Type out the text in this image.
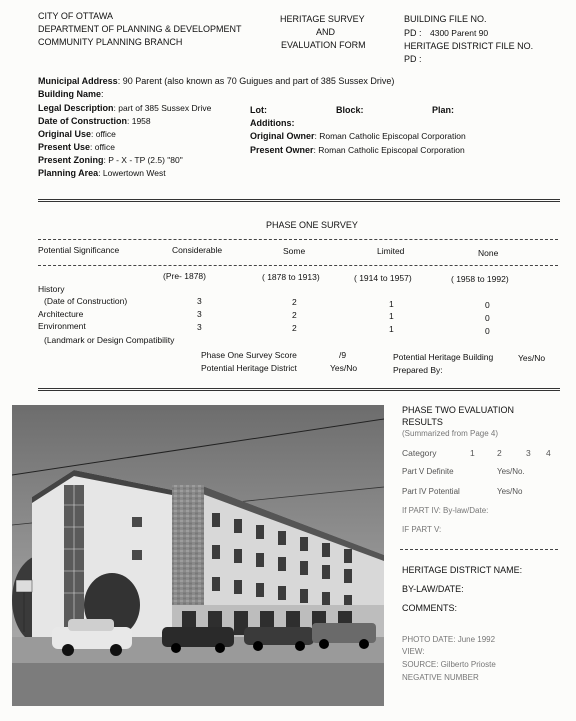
CITY OF OTTAWA
DEPARTMENT OF PLANNING & DEVELOPMENT
COMMUNITY PLANNING BRANCH
HERITAGE SURVEY
AND
EVALUATION FORM
BUILDING FILE NO.
PD : 4300 Parent 90
HERITAGE DISTRICT FILE NO.
PD :
Municipal Address: 90 Parent (also known as 70 Guigues and part of 385 Sussex Drive)
Building Name:
Legal Description: part of 385 Sussex Drive
Date of Construction: 1958
Original Use: office
Present Use: office
Present Zoning: P - X - TP (2.5) "80"
Planning Area: Lowertown West
Lot:	Block:	Plan:
Additions:
Original Owner: Roman Catholic Episcopal Corporation
Present Owner: Roman Catholic Episcopal Corporation
PHASE ONE SURVEY
Potential Significance	Considerable	Some	Limited	None
(Pre- 1878)	( 1878 to 1913)	( 1914 to 1957)	( 1958 to 1992)
History
(Date of Construction)	3	2	1	0
Architecture	3	2	1	0
Environment	3	2	1	0
(Landmark or Design Compatibility
Phase One Survey Score	/9	Potential Heritage Building	Yes/No
Potential Heritage District	Yes/No	Prepared By:
PHASE TWO EVALUATION
RESULTS
(Summarized from Page 4)
Category	1	2	3 4
Part V Definite	Yes/No.
Part IV Potential	Yes/No
If PART IV: By-law/Date:
IF PART V:
HERITAGE DISTRICT NAME:
BY-LAW/DATE:
COMMENTS:
PHOTO DATE: June 1992
VIEW:
SOURCE: Gilberto Prioste
NEGATIVE NUMBER
